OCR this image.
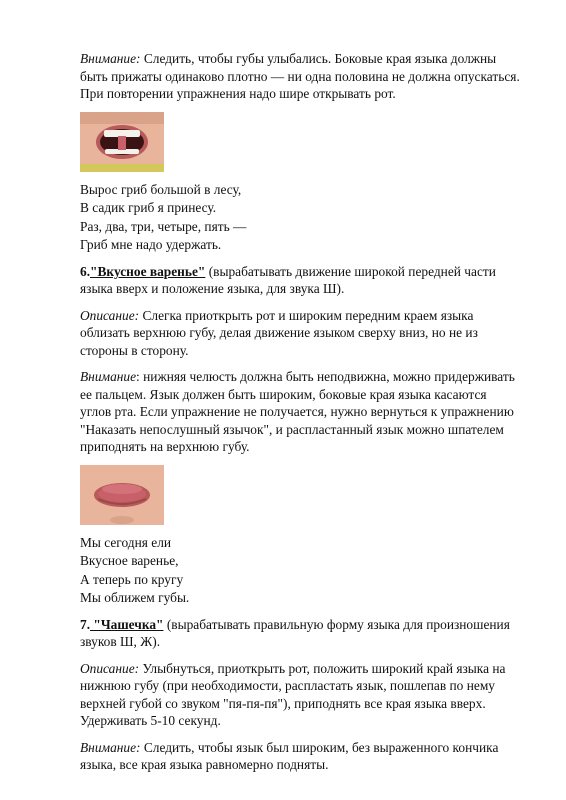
Внимание: Следить, чтобы губы улыбались. Боковые края языка должны быть прижаты одинаково плотно — ни одна половина не должна опускаться. При повторении упражнения надо шире открывать рот.

Вырос гриб большой в лесу,
В садик гриб я принесу.
Раз, два, три, четыре, пять —
Гриб мне надо удержать.

6."Вкусное варенье" (вырабатывать движение широкой передней части языка вверх и положение языка, для звука Ш).

Описание: Слегка приоткрыть рот и широким передним краем языка облизать верхнюю губу, делая движение языком сверху вниз, но не из стороны в сторону.

Внимание: нижняя челюсть должна быть неподвижна, можно придерживать ее пальцем. Язык должен быть широким, боковые края языка касаются углов рта. Если упражнение не получается, нужно вернуться к упражнению "Наказать непослушный язычок", и распластанный язык можно шпателем приподнять на верхнюю губу.

Мы сегодня ели
Вкусное варенье,
А теперь по кругу
Мы оближем губы.

7. "Чашечка" (вырабатывать правильную форму языка для произношения звуков Ш, Ж).

Описание: Улыбнуться, приоткрыть рот, положить широкий край языка на нижнюю губу (при необходимости, распластать язык, пошлепав по нему верхней губой со звуком "пя-пя-пя"), приподнять все края языка вверх. Удерживать 5-10 секунд.

Внимание: Следить, чтобы язык был широким, без выраженного кончика языка, все края языка равномерно подняты.
